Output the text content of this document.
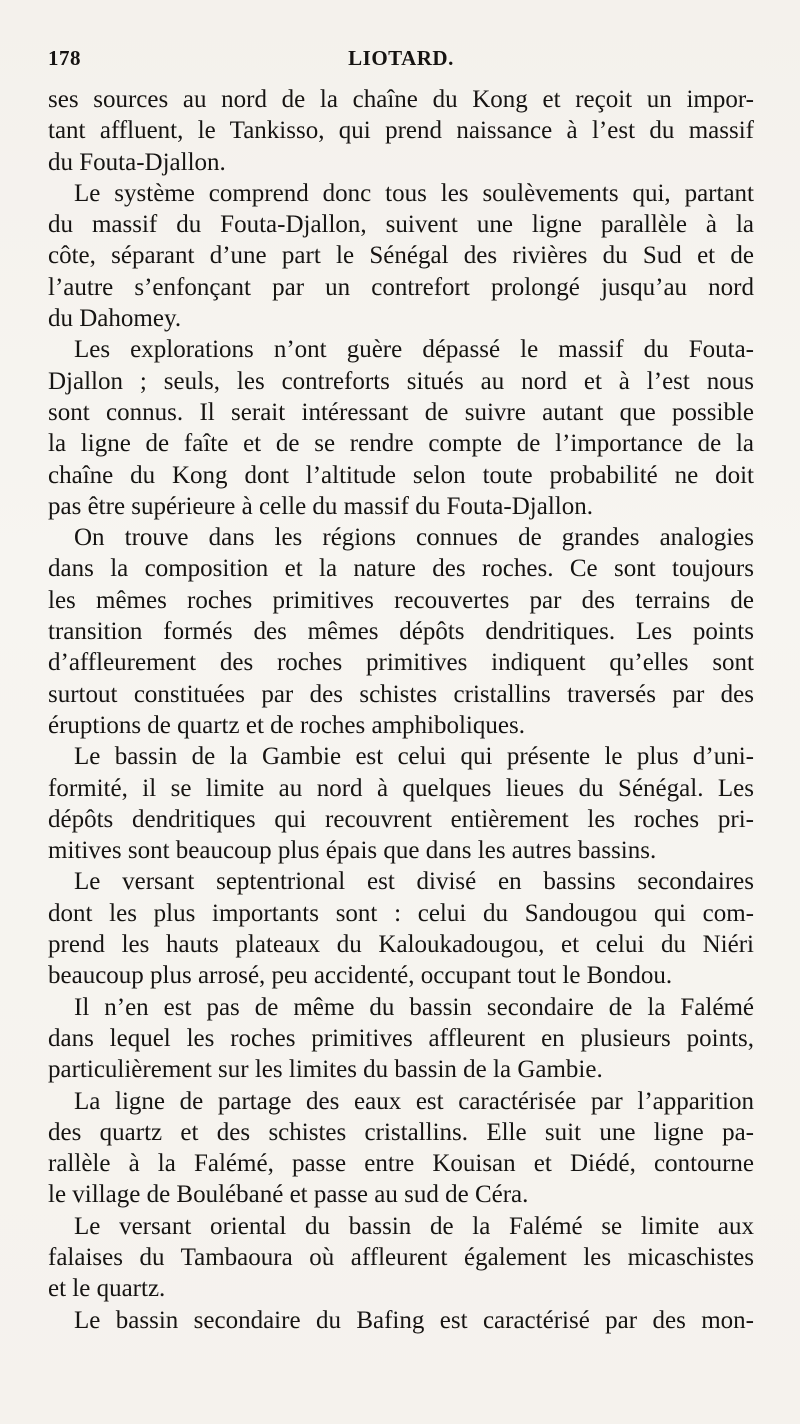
178	LIOTARD.
ses sources au nord de la chaîne du Kong et reçoit un impor-
tant affluent, le Tankisso, qui prend naissance à l’est du massif
du Fouta-Djallon.
Le système comprend donc tous les soulèvements qui, partant
du massif du Fouta-Djallon, suivent une ligne parallèle à la
côte, séparant d’une part le Sénégal des rivières du Sud et de
l’autre s’enfonçant par un contrefort prolongé jusqu’au nord
du Dahomey.
Les explorations n’ont guère dépassé le massif du Fouta-
Djallon ; seuls, les contreforts situés au nord et à l’est nous
sont connus. Il serait intéressant de suivre autant que possible
la ligne de faîte et de se rendre compte de l’importance de la
chaîne du Kong dont l’altitude selon toute probabilité ne doit
pas être supérieure à celle du massif du Fouta-Djallon.
On trouve dans les régions connues de grandes analogies
dans la composition et la nature des roches. Ce sont toujours
les mêmes roches primitives recouvertes par des terrains de
transition formés des mêmes dépôts dendritiques. Les points
d’affleurement des roches primitives indiquent qu’elles sont
surtout constituées par des schistes cristallins traversés par des
éruptions de quartz et de roches amphiboliques.
Le bassin de la Gambie est celui qui présente le plus d’uni-
formité, il se limite au nord à quelques lieues du Sénégal. Les
dépôts dendritiques qui recouvrent entièrement les roches pri-
mitives sont beaucoup plus épais que dans les autres bassins.
Le versant septentrional est divisé en bassins secondaires
dont les plus importants sont : celui du Sandougou qui com-
prend les hauts plateaux du Kaloukadougou, et celui du Niéri
beaucoup plus arrosé, peu accidenté, occupant tout le Bondou.
Il n’en est pas de même du bassin secondaire de la Falémé
dans lequel les roches primitives affleurent en plusieurs points,
particulièrement sur les limites du bassin de la Gambie.
La ligne de partage des eaux est caractérisée par l’apparition
des quartz et des schistes cristallins. Elle suit une ligne pa-
rallèle à la Falémé, passe entre Kouisan et Diédé, contourne
le village de Boulébané et passe au sud de Céra.
Le versant oriental du bassin de la Falémé se limite aux
falaises du Tambaoura où affleurent également les micaschistes
et le quartz.
Le bassin secondaire du Bafing est caractérisé par des mon-
